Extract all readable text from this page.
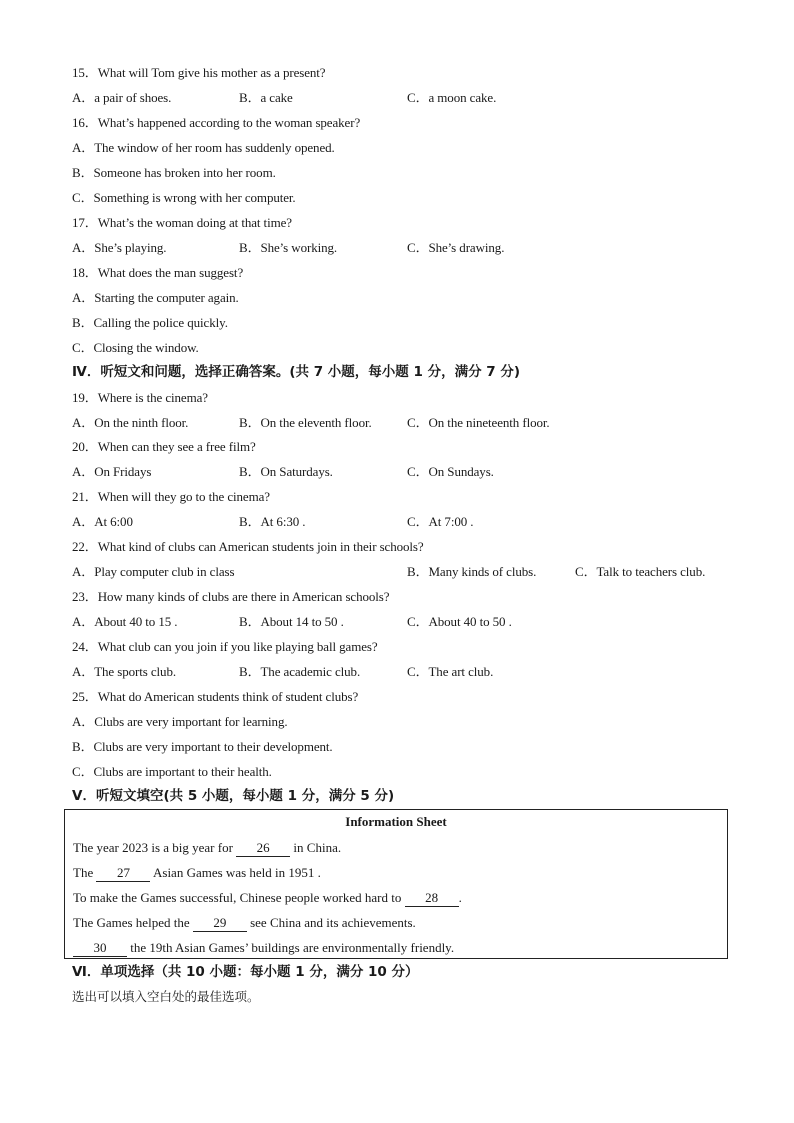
15．What will Tom give his mother as a present?
A．a pair of shoes.	B．a cake	C．a moon cake.
16．What’s happened according to the woman speaker?
A．The window of her room has suddenly opened.
B．Someone has broken into her room.
C．Something is wrong with her computer.
17．What’s the woman doing at that time?
A．She’s playing.	B．She’s working.	C．She’s drawing.
18．What does the man suggest?
A．Starting the computer again.
B．Calling the police quickly.
C．Closing the window.
Ⅳ．听短文和问题，选择正确答案。(共 7 小题，每小题 1 分，满分 7 分)
19．Where is the cinema?
A．On the ninth floor.	B．On the eleventh floor.	C．On the nineteenth floor.
20．When can they see a free film?
A．On Fridays	B．On Saturdays.	C．On Sundays.
21．When will they go to the cinema?
A．At 6:00	B．At 6:30 .	C．At 7:00 .
22．What kind of clubs can American students join in their schools?
A．Play computer club in class	B．Many kinds of clubs.	C．Talk to teachers club.
23．How many kinds of clubs are there in American schools?
A．About 40 to 15 .	B．About 14 to 50 .	C．About 40 to 50 .
24．What club can you join if you like playing ball games?
A．The sports club.	B．The academic club.	C．The art club.
25．What do American students think of student clubs?
A．Clubs are very important for learning.
B．Clubs are very important to their development.
C．Clubs are important to their health.
Ⅴ．听短文填空(共 5 小题，每小题 1 分，满分 5 分)
Information Sheet
The year 2023 is a big year for 26 in China.
The 27 Asian Games was held in 1951 .
To make the Games successful, Chinese people worked hard to 28 .
The Games helped the 29 see China and its achievements.
30 the 19th Asian Games’ buildings are environmentally friendly.
Ⅵ．单项选择（共 10 小题：每小题 1 分，满分 10 分）
选出可以填入空白处的最佳选项。
